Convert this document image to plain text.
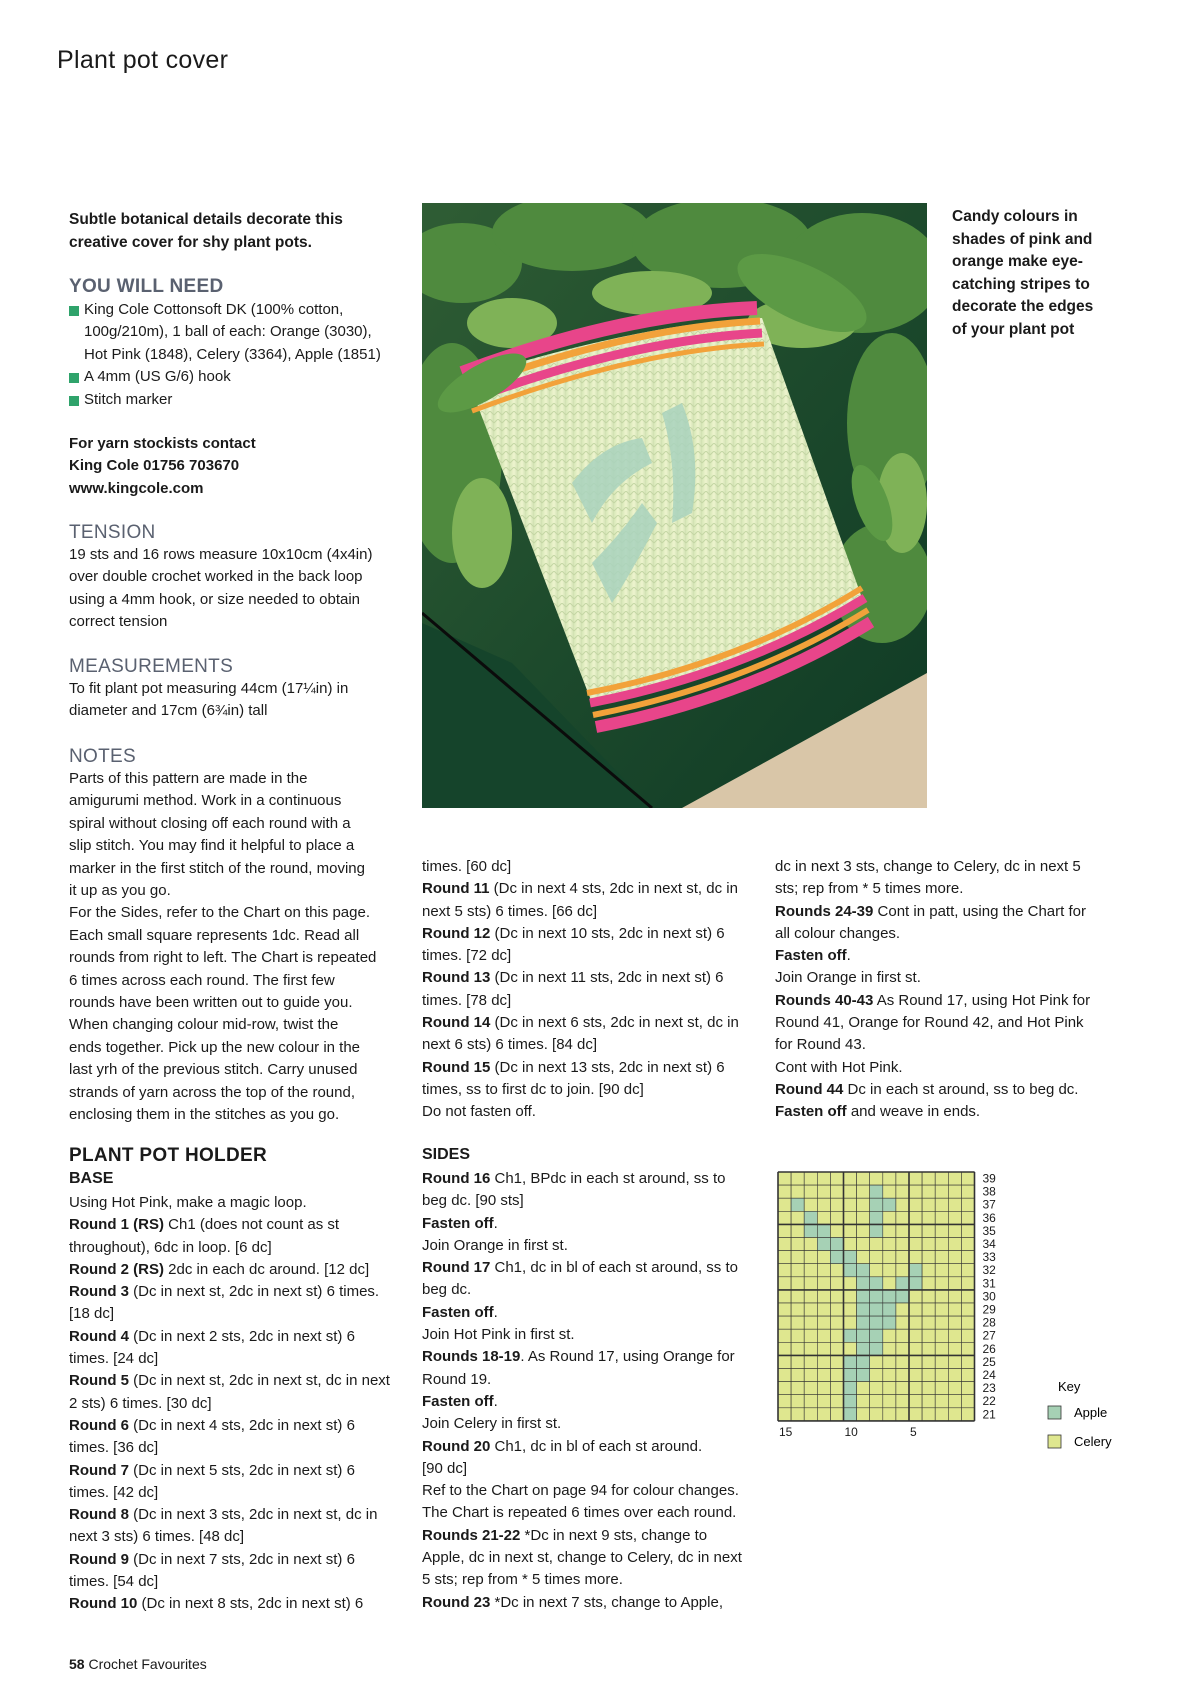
Plant pot cover
Subtle botanical details decorate this
creative cover for shy plant pots.
YOU WILL NEED
King Cole Cottonsoft DK (100% cotton,
100g/210m), 1 ball of each: Orange (3030),
Hot Pink (1848), Celery (3364), Apple (1851)
A 4mm (US G/6) hook
Stitch marker
For yarn stockists contact
King Cole 01756 703670
www.kingcole.com
TENSION
19 sts and 16 rows measure 10x10cm (4x4in)
over double crochet worked in the back loop
using a 4mm hook, or size needed to obtain
correct tension
MEASUREMENTS
To fit plant pot measuring 44cm (17¼in) in
diameter and 17cm (6¾in) tall
NOTES
Parts of this pattern are made in the
amigurumi method. Work in a continuous
spiral without closing off each round with a
slip stitch. You may find it helpful to place a
marker in the first stitch of the round, moving
it up as you go.
For the Sides, refer to the Chart on this page.
Each small square represents 1dc. Read all
rounds from right to left. The Chart is repeated
6 times across each round. The first few
rounds have been written out to guide you.
When changing colour mid-row, twist the
ends together. Pick up the new colour in the
last yrh of the previous stitch. Carry unused
strands of yarn across the top of the round,
enclosing them in the stitches as you go.
PLANT POT HOLDER
BASE

Using Hot Pink, make a magic loop.

Round 1 (RS) Ch1 (does not count as st

throughout), 6dc in loop. [6 dc]

Round 2 (RS) 2dc in each dc around. [12 dc]

Round 3 (Dc in next st, 2dc in next st) 6 times.

[18 dc]

Round 4 (Dc in next 2 sts, 2dc in next st) 6

times. [24 dc]

Round 5 (Dc in next st, 2dc in next st, dc in next

2 sts) 6 times. [30 dc]

Round 6 (Dc in next 4 sts, 2dc in next st) 6

times. [36 dc]

Round 7 (Dc in next 5 sts, 2dc in next st) 6

times. [42 dc]

Round 8 (Dc in next 3 sts, 2dc in next st, dc in

next 3 sts) 6 times. [48 dc]

Round 9 (Dc in next 7 sts, 2dc in next st) 6

times. [54 dc]

Round 10 (Dc in next 8 sts, 2dc in next st) 6

Candy colours in
shades of pink and
orange make eye-
catching stripes to
decorate the edges
of your plant pot

times. [60 dc]

Round 11 (Dc in next 4 sts, 2dc in next st, dc in

next 5 sts) 6 times. [66 dc]

Round 12 (Dc in next 10 sts, 2dc in next st) 6

times. [72 dc]

Round 13 (Dc in next 11 sts, 2dc in next st) 6

times. [78 dc]

Round 14 (Dc in next 6 sts, 2dc in next st, dc in

next 6 sts) 6 times. [84 dc]

Round 15 (Dc in next 13 sts, 2dc in next st) 6

times, ss to first dc to join. [90 dc]

Do not fasten off.

SIDES

Round 16 Ch1, BPdc in each st around, ss to

beg dc. [90 sts]

Fasten off.

Join Orange in first st.

Round 17 Ch1, dc in bl of each st around, ss to

beg dc.

Fasten off.

Join Hot Pink in first st.

Rounds 18-19. As Round 17, using Orange for

Round 19.

Fasten off.

Join Celery in first st.

Round 20 Ch1, dc in bl of each st around.

[90 dc]

Ref to the Chart on page 94 for colour changes.

The Chart is repeated 6 times over each round.

Rounds 21-22 *Dc in next 9 sts, change to

Apple, dc in next st, change to Celery, dc in next

5 sts; rep from * 5 times more.

Round 23 *Dc in next 7 sts, change to Apple,

dc in next 3 sts, change to Celery, dc in next 5

sts; rep from * 5 times more.

Rounds 24-39 Cont in patt, using the Chart for

all colour changes.

Fasten off.

Join Orange in first st.

Rounds 40-43 As Round 17, using Hot Pink for

Round 41, Orange for Round 42, and Hot Pink

for Round 43.

Cont with Hot Pink.

Round 44 Dc in each st around, ss to beg dc.

Fasten off and weave in ends.

39
38
37
36
35
34
33
32
31
30
29
28
27
26
25
24
23
22
21
15	10	5
Key
Apple
Celery
58 Crochet Favourites
